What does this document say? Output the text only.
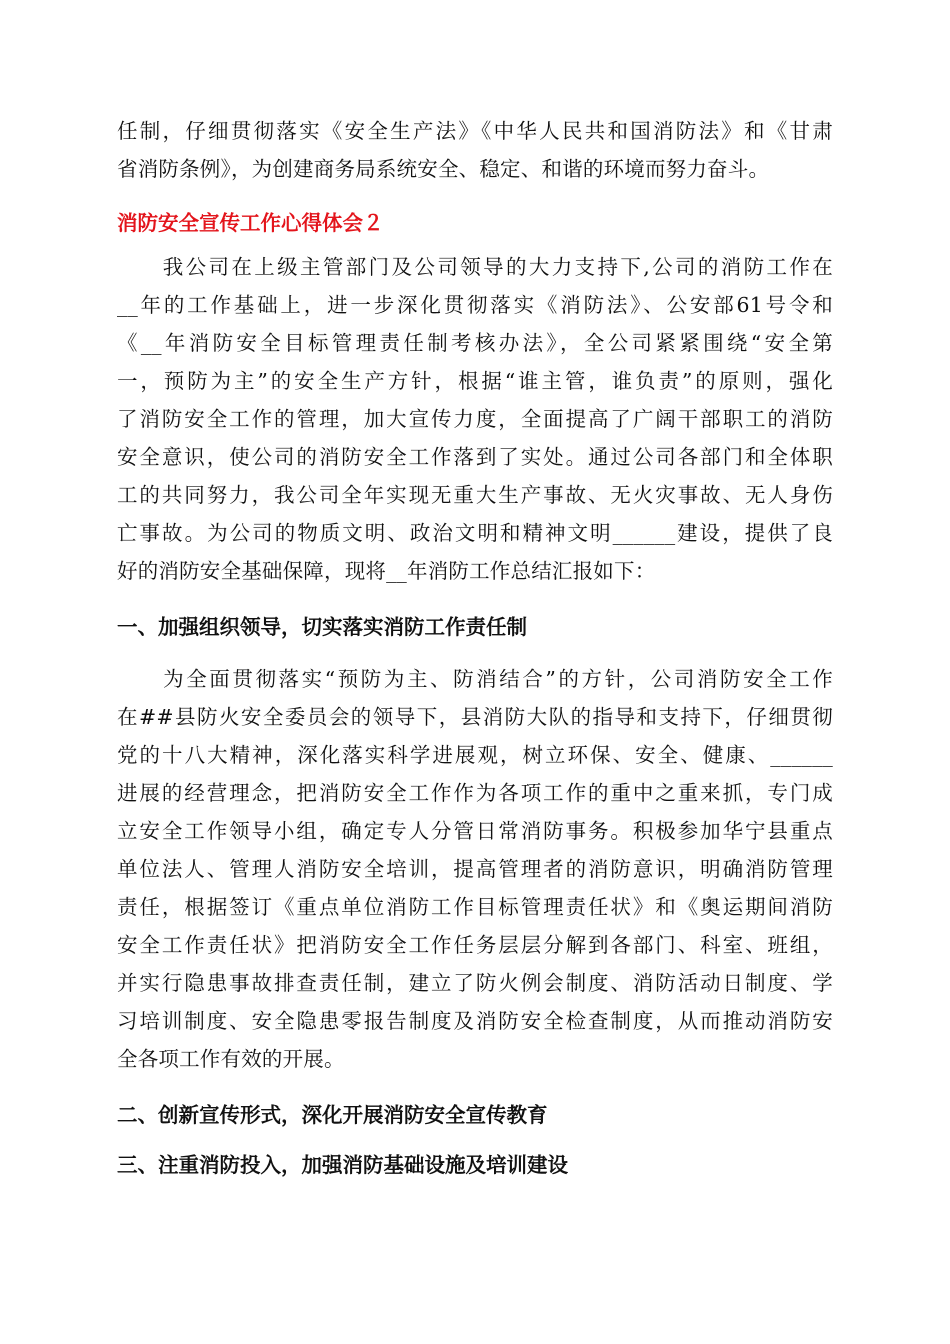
任制，仔细贯彻落实《安全生产法》《中华人民共和国消防法》和《甘肃
省消防条例》，为创建商务局系统安全、稳定、和谐的环境而努力奋斗。
消防安全宣传工作心得体会２
　　我公司在上级主管部门及公司领导的大力支持下,公司的消防工作在
__年的工作基础上，进一步深化贯彻落实《消防法》、公安部61号令和
《__年消防安全目标管理责任制考核办法》，全公司紧紧围绕“安全第
一，预防为主”的安全生产方针，根据“谁主管，谁负责”的原则，强化
了消防安全工作的管理，加大宣传力度，全面提高了广阔干部职工的消防
安全意识，使公司的消防安全工作落到了实处。通过公司各部门和全体职
工的共同努力，我公司全年实现无重大生产事故、无火灾事故、无人身伤
亡事故。为公司的物质文明、政治文明和精神文明______建设，提供了良
好的消防安全基础保障，现将__年消防工作总结汇报如下：
一、加强组织领导，切实落实消防工作责任制
　　为全面贯彻落实“预防为主、防消结合”的方针，公司消防安全工作
在##县防火安全委员会的领导下，县消防大队的指导和支持下，仔细贯彻
党的十八大精神，深化落实科学进展观，树立环保、安全、健康、______
进展的经营理念，把消防安全工作作为各项工作的重中之重来抓，专门成
立安全工作领导小组，确定专人分管日常消防事务。积极参加华宁县重点
单位法人、管理人消防安全培训，提高管理者的消防意识，明确消防管理
责任，根据签订《重点单位消防工作目标管理责任状》和《奥运期间消防
安全工作责任状》把消防安全工作任务层层分解到各部门、科室、班组，
并实行隐患事故排查责任制，建立了防火例会制度、消防活动日制度、学
习培训制度、安全隐患零报告制度及消防安全检查制度，从而推动消防安
全各项工作有效的开展。
二、创新宣传形式，深化开展消防安全宣传教育
三、注重消防投入，加强消防基础设施及培训建设
